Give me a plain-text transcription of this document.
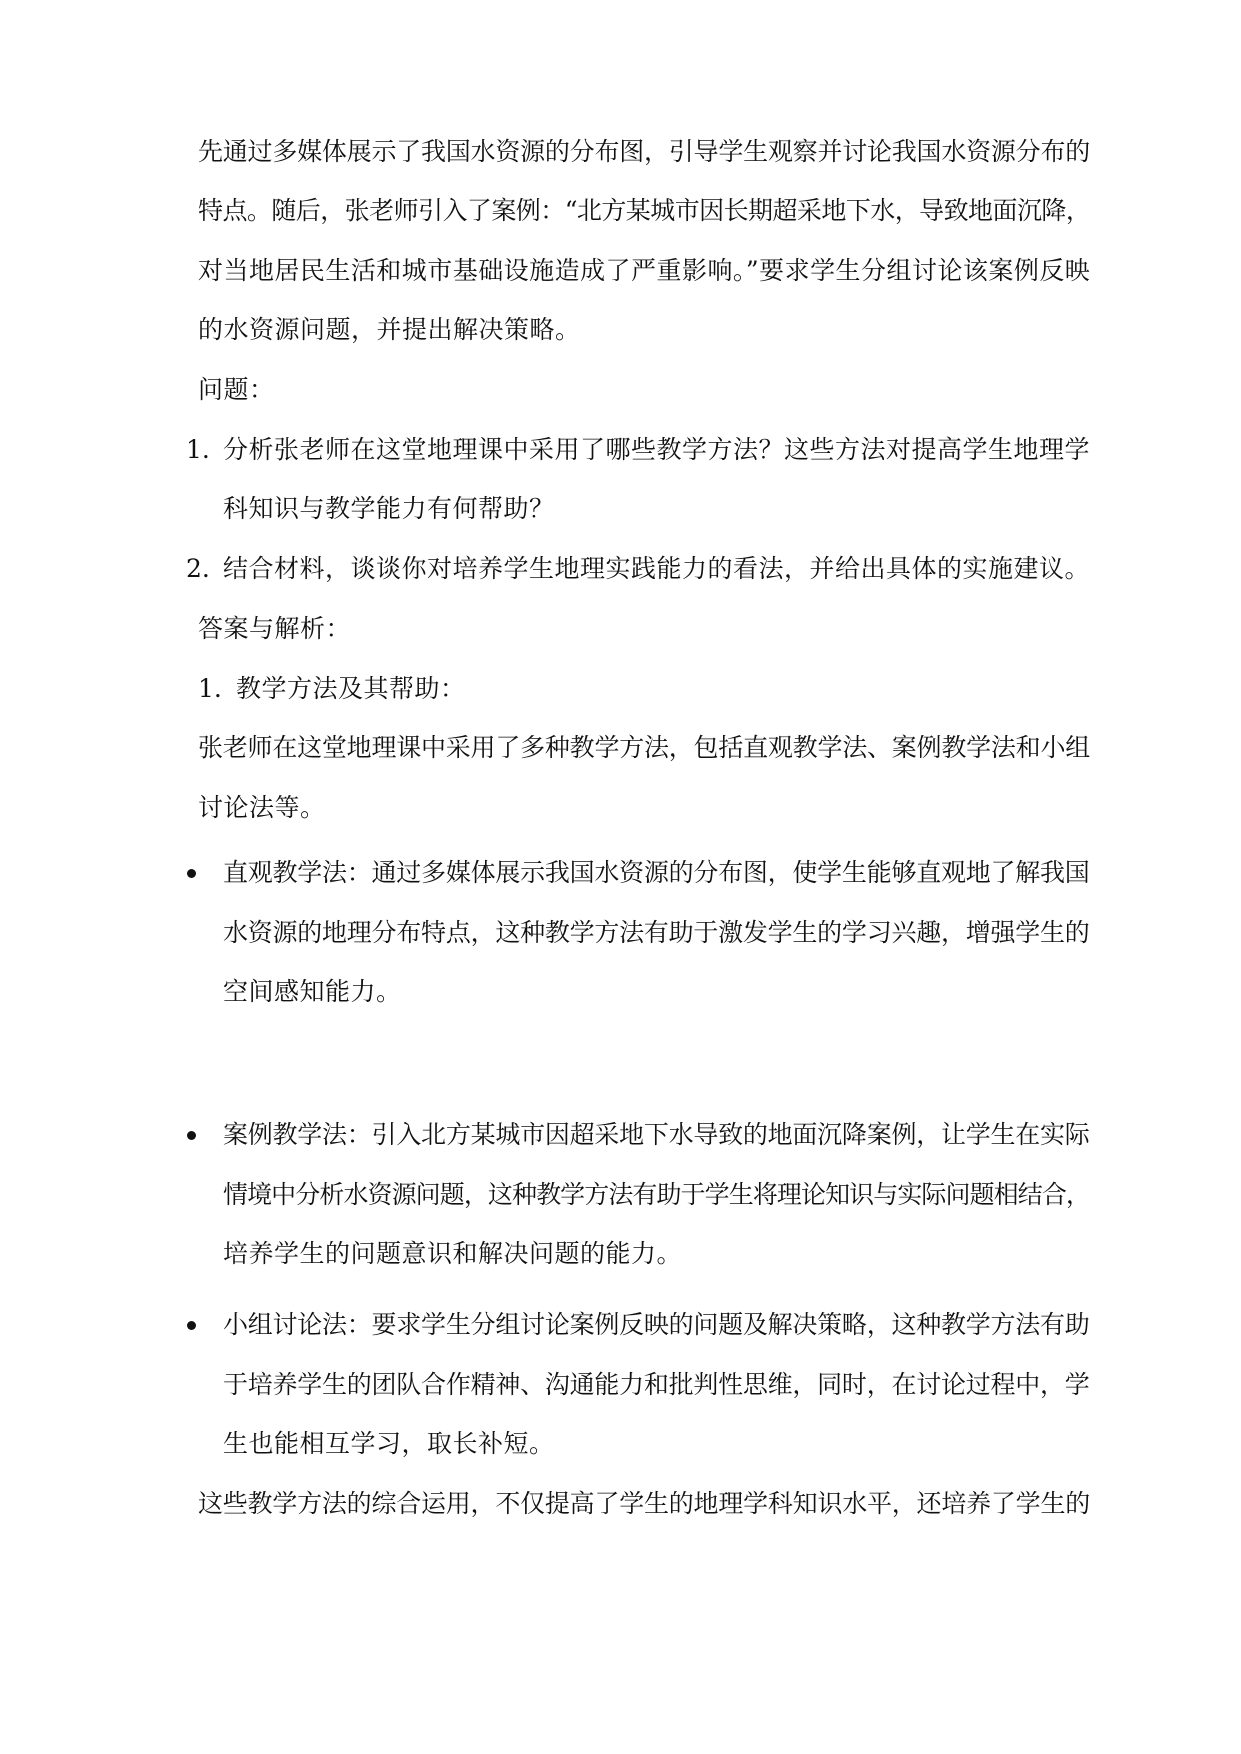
先通过多媒体展示了我国水资源的分布图，引导学生观察并讨论我国水资源分布的
特点。随后，张老师引入了案例：“北方某城市因长期超采地下水，导致地面沉降，
对当地居民生活和城市基础设施造成了严重影响。”要求学生分组讨论该案例反映
的水资源问题，并提出解决策略。
问题：
1. 分析张老师在这堂地理课中采用了哪些教学方法？这些方法对提高学生地理学
科知识与教学能力有何帮助？
2. 结合材料，谈谈你对培养学生地理实践能力的看法，并给出具体的实施建议。
答案与解析：
1. 教学方法及其帮助：
张老师在这堂地理课中采用了多种教学方法，包括直观教学法、案例教学法和小组
讨论法等。
直观教学法：通过多媒体展示我国水资源的分布图，使学生能够直观地了解我国
水资源的地理分布特点，这种教学方法有助于激发学生的学习兴趣，增强学生的
空间感知能力。
案例教学法：引入北方某城市因超采地下水导致的地面沉降案例，让学生在实际
情境中分析水资源问题，这种教学方法有助于学生将理论知识与实际问题相结合，
培养学生的问题意识和解决问题的能力。
小组讨论法：要求学生分组讨论案例反映的问题及解决策略，这种教学方法有助
于培养学生的团队合作精神、沟通能力和批判性思维，同时，在讨论过程中，学
生也能相互学习，取长补短。
这些教学方法的综合运用，不仅提高了学生的地理学科知识水平，还培养了学生的
